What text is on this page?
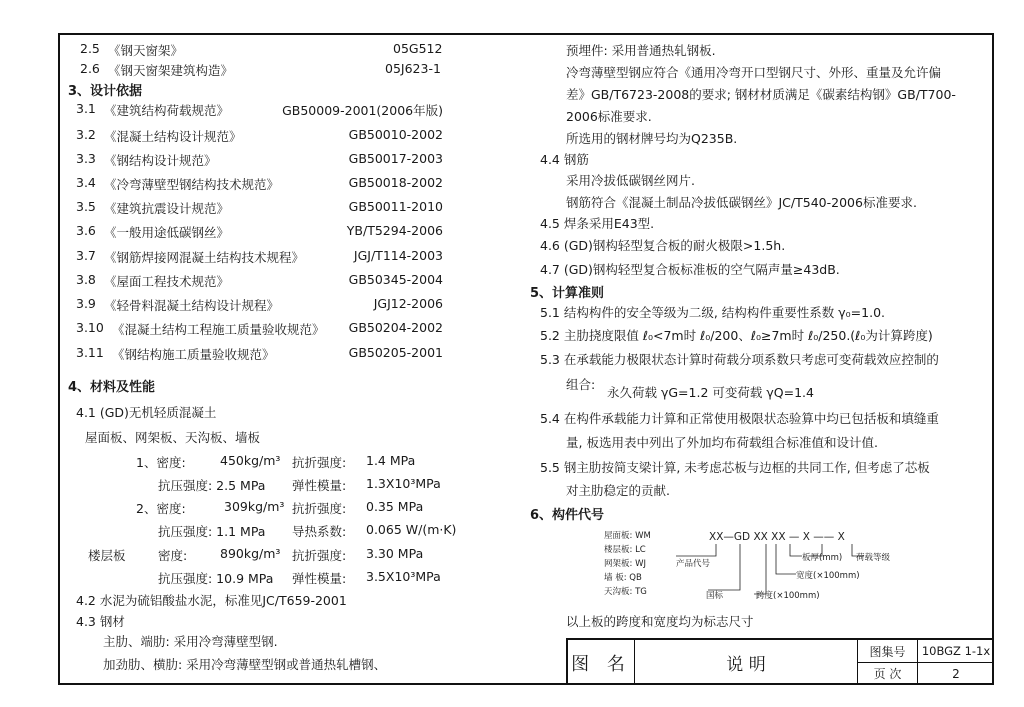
2.5 《钢天窗架》	05G512
2.6 《钢天窗架建筑构造》	05J623-1
3、设计依据
3.1 《建筑结构荷载规范》	GB50009-2001(2006年版)
3.2 《混凝土结构设计规范》	GB50010-2002
3.3 《钢结构设计规范》	GB50017-2003
3.4 《冷弯薄壁型钢结构技术规范》	GB50018-2002
3.5 《建筑抗震设计规范》	GB50011-2010
3.6 《一般用途低碳钢丝》	YB/T5294-2006
3.7 《钢筋焊接网混凝土结构技术规程》	JGJ/T114-2003
3.8 《屋面工程技术规范》	GB50345-2004
3.9 《轻骨料混凝土结构设计规程》	JGJ12-2006
3.10 《混凝土结构工程施工质量验收规范》 GB50204-2002
3.11 《钢结构施工质量验收规范》	GB50205-2001
4、材料及性能
4.1 (GD)无机轻质混凝土
屋面板、网架板、天沟板、墙板
1、密度:	450kg/m³ 抗折强度: 1.4 MPa
抗压强度: 2.5 MPa 弹性模量: 1.3X10³MPa
2、密度:	309kg/m³ 抗折强度: 0.35 MPa
抗压强度: 1.1 MPa 导热系数: 0.065 W/(m·K)
楼层板	密度:	890kg/m³ 抗折强度: 3.30 MPa
抗压强度: 10.9 MPa 弹性模量: 3.5X10³MPa
4.2 水泥为硫铝酸盐水泥，标准见JC/T659-2001
4.3 钢材
主肋、端肋: 采用冷弯薄壁型钢.
加劲肋、横肋: 采用冷弯薄壁型钢或普通热轧槽钢、
预埋件: 采用普通热轧钢板.
冷弯薄壁型钢应符合《通用冷弯开口型钢尺寸、外形、重量及允许偏
差》GB/T6723-2008的要求; 钢材材质满足《碳素结构钢》GB/T700-
2006标准要求.
所选用的钢材牌号均为Q235B.
4.4 钢筋
采用冷拔低碳钢丝网片.
钢筋符合《混凝土制品冷拔低碳钢丝》JC/T540-2006标准要求.
4.5 焊条采用E43型.
4.6 (GD)钢构轻型复合板的耐火极限>1.5h.
4.7 (GD)钢构轻型复合板标准板的空气隔声量≥43dB.
5、计算准则
5.1 结构构件的安全等级为二级, 结构构件重要性系数 γ₀=1.0.
5.2 主肋挠度限值 ℓ₀<7m时 ℓ₀/200、ℓ₀≥7m时 ℓ₀/250.(ℓ₀为计算跨度)
5.3 在承载能力极限状态计算时荷载分项系数只考虑可变荷载效应控制的
组合:
永久荷载 γG=1.2 可变荷载 γQ=1.4
5.4 在构件承载能力计算和正常使用极限状态验算中均已包括板和填缝重
量, 板选用表中列出了外加均布荷载组合标准值和设计值.
5.5 钢主肋按简支梁计算, 未考虑芯板与边框的共同工作, 但考虑了芯板
对主肋稳定的贡献.
6、构件代号
屋面板: WM
楼层板: LC
网架板: WJ
墙 板: QB
天沟板: TG
XX—GD XX XX — X —— X
产品代号
国标	跨度(×100mm)
宽度(×100mm)
板厚(mm) 荷载等级
以上板的跨度和宽度均为标志尺寸
图 名	说 明
图集号	10BGZ 1-1x
页 次	2
